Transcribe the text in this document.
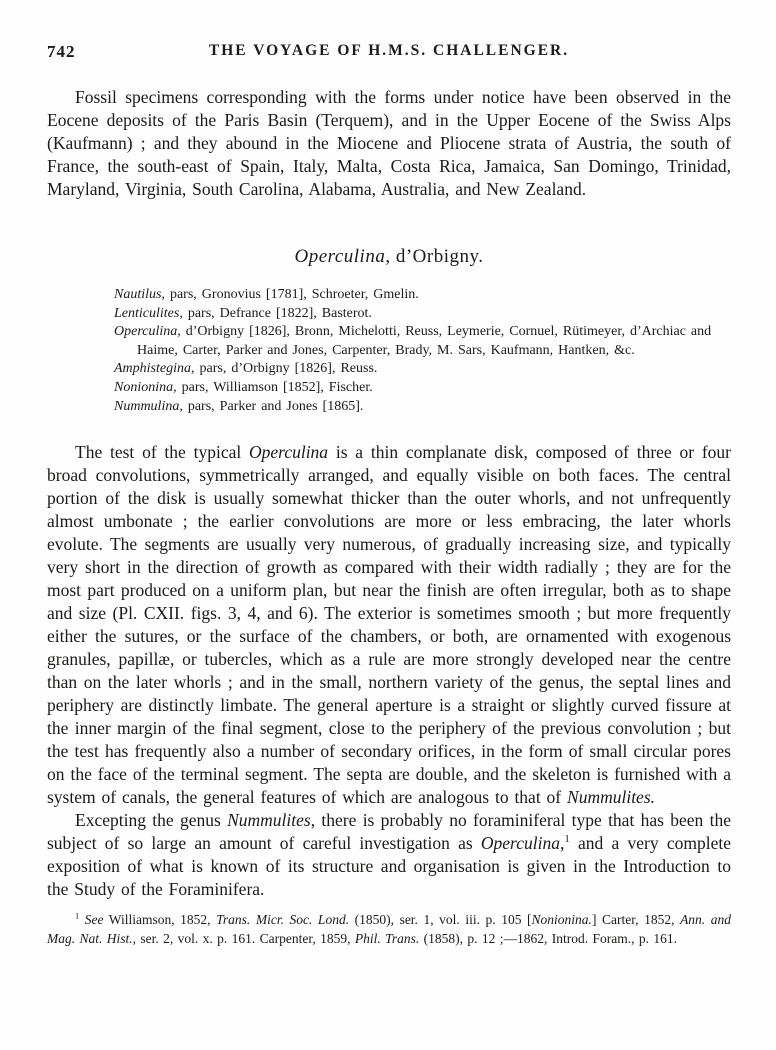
742	THE VOYAGE OF H.M.S. CHALLENGER.

Fossil specimens corresponding with the forms under notice have been observed in the Eocene deposits of the Paris Basin (Terquem), and in the Upper Eocene of the Swiss Alps (Kaufmann) ; and they abound in the Miocene and Pliocene strata of Austria, the south of France, the south-east of Spain, Italy, Malta, Costa Rica, Jamaica, San Domingo, Trinidad, Maryland, Virginia, South Carolina, Alabama, Australia, and New Zealand.

Operculina, d’Orbigny.
Nautilus, pars, Gronovius [1781], Schroeter, Gmelin.
Lenticulites, pars, Defrance [1822], Basterot.
Operculina, d’Orbigny [1826], Bronn, Michelotti, Reuss, Leymerie, Cornuel, Rütimeyer, d’Archiac and Haime, Carter, Parker and Jones, Carpenter, Brady, M. Sars, Kaufmann, Hantken, &c.
Amphistegina, pars, d’Orbigny [1826], Reuss.
Nonionina, pars, Williamson [1852], Fischer.
Nummulina, pars, Parker and Jones [1865].

The test of the typical Operculina is a thin complanate disk, composed of three or four broad convolutions, symmetrically arranged, and equally visible on both faces. The central portion of the disk is usually somewhat thicker than the outer whorls, and not unfrequently almost umbonate ; the earlier convolutions are more or less embracing, the later whorls evolute. The segments are usually very numerous, of gradually increasing size, and typically very short in the direction of growth as compared with their width radially ; they are for the most part produced on a uniform plan, but near the finish are often irregular, both as to shape and size (Pl. CXII. figs. 3, 4, and 6). The exterior is sometimes smooth ; but more frequently either the sutures, or the surface of the chambers, or both, are ornamented with exogenous granules, papillæ, or tubercles, which as a rule are more strongly developed near the centre than on the later whorls ; and in the small, northern variety of the genus, the septal lines and periphery are distinctly limbate. The general aperture is a straight or slightly curved fissure at the inner margin of the final segment, close to the periphery of the previous convolution ; but the test has frequently also a number of secondary orifices, in the form of small circular pores on the face of the terminal segment. The septa are double, and the skeleton is furnished with a system of canals, the general features of which are analogous to that of Nummulites.

Excepting the genus Nummulites, there is probably no foraminiferal type that has been the subject of so large an amount of careful investigation as Operculina,$^1$ and a very complete exposition of what is known of its structure and organisation is given in the Introduction to the Study of the Foraminifera.

$^1$ See Williamson, 1852, Trans. Micr. Soc. Lond. (1850), ser. 1, vol. iii. p. 105 [Nonionina.] Carter, 1852, Ann. and Mag. Nat. Hist., ser. 2, vol. x. p. 161. Carpenter, 1859, Phil. Trans. (1858), p. 12 ;—1862, Introd. Foram., p. 161.
